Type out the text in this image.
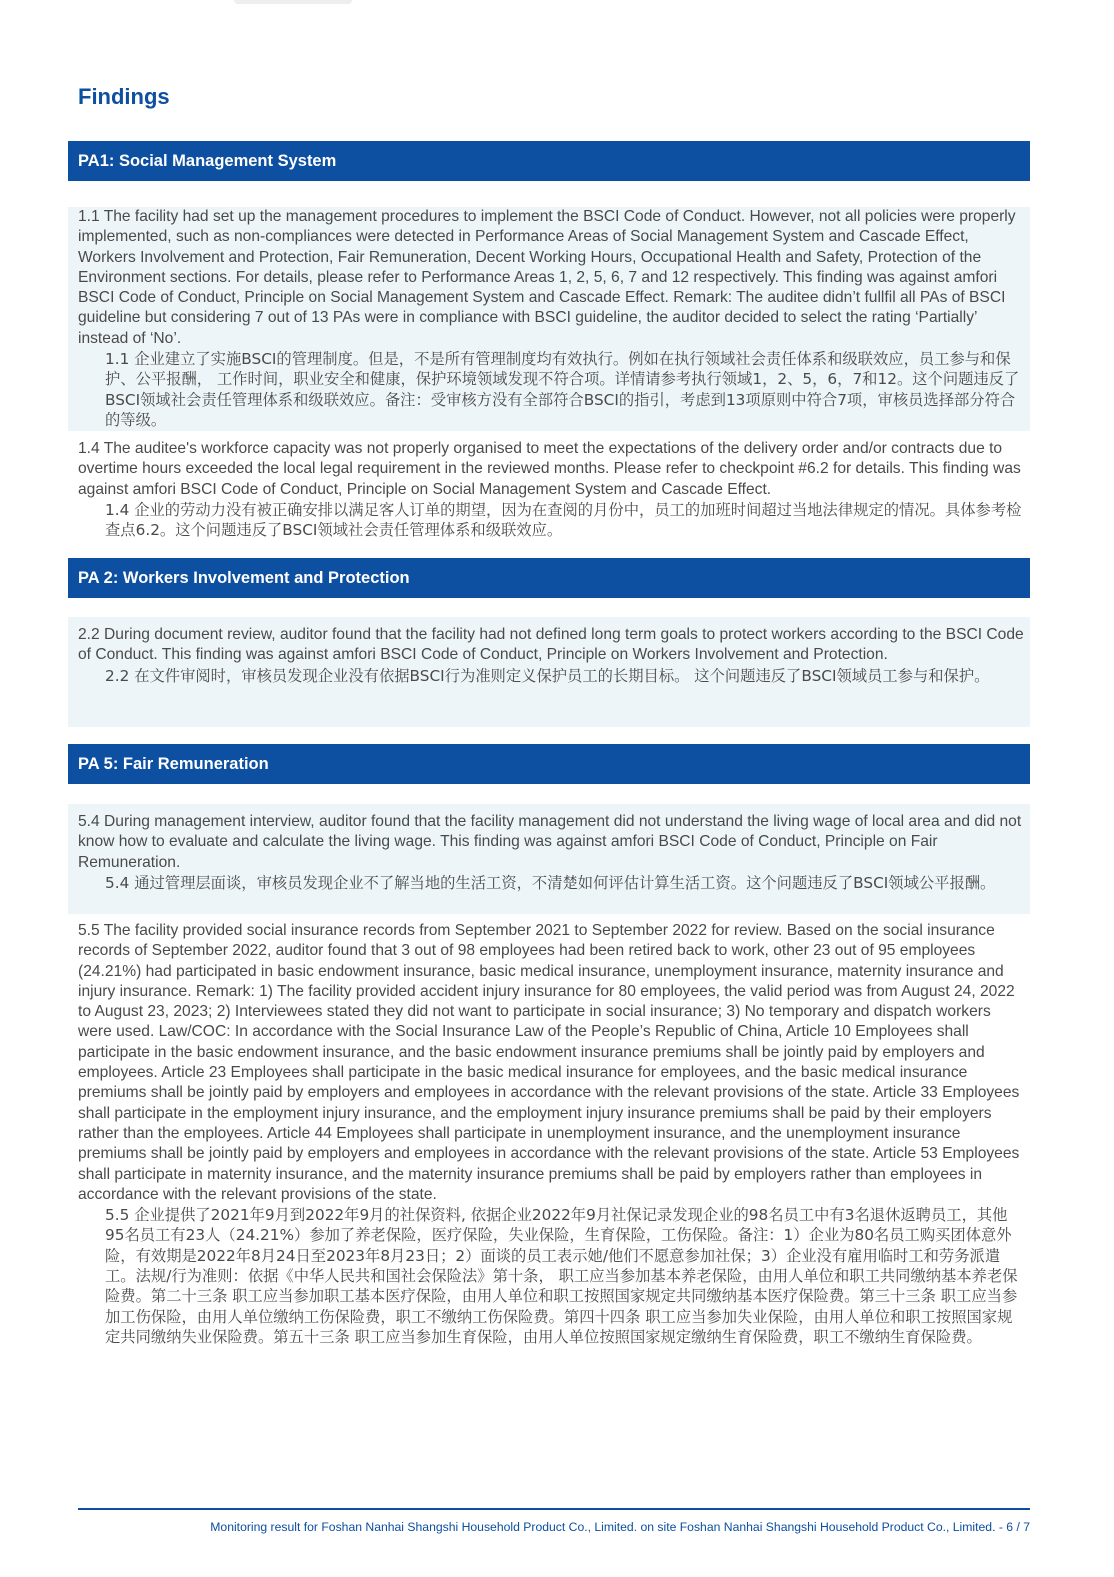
Findings
PA1: Social Management System

1.1 The facility had set up the management procedures to implement the BSCI Code of Conduct. However, not all policies were properly implemented, such as non-compliances were detected in Performance Areas of Social Management System and Cascade Effect, Workers Involvement and Protection, Fair Remuneration, Decent Working Hours, Occupational Health and Safety, Protection of the Environment sections. For details, please refer to Performance Areas 1, 2, 5, 6, 7 and 12 respectively. This finding was against amfori BSCI Code of Conduct, Principle on Social Management System and Cascade Effect. Remark: The auditee didn’t fullfil all PAs of BSCI guideline but considering 7 out of 13 PAs were in compliance with BSCI guideline, the auditor decided to select the rating ‘Partially’ instead of ‘No’.

1.1 企业建立了实施BSCI的管理制度。但是，不是所有管理制度均有效执行。例如在执行领域社会责任体系和级联效应，员工参与和保护、公平报酬， 工作时间，职业安全和健康，保护环境领域发现不符合项。详情请参考执行领域1，2、5，6，7和12。这个问题违反了BSCI领域社会责任管理体系和级联效应。备注：受审核方没有全部符合BSCI的指引，考虑到13项原则中符合7项，审核员选择部分符合的等级。

1.4 The auditee's workforce capacity was not properly organised to meet the expectations of the delivery order and/or contracts due to overtime hours exceeded the local legal requirement in the reviewed months. Please refer to checkpoint #6.2 for details. This finding was against amfori BSCI Code of Conduct, Principle on Social Management System and Cascade Effect.

1.4 企业的劳动力没有被正确安排以满足客人订单的期望，因为在查阅的月份中，员工的加班时间超过当地法律规定的情况。具体参考检查点6.2。这个问题违反了BSCI领域社会责任管理体系和级联效应。

PA 2: Workers Involvement and Protection

2.2 During document review, auditor found that the facility had not defined long term goals to protect workers according to the BSCI Code of Conduct. This finding was against amfori BSCI Code of Conduct, Principle on Workers Involvement and Protection.

2.2 在文件审阅时，审核员发现企业没有依据BSCI行为准则定义保护员工的长期目标。 这个问题违反了BSCI领域员工参与和保护。

PA 5: Fair Remuneration

5.4 During management interview, auditor found that the facility management did not understand the living wage of local area and did not know how to evaluate and calculate the living wage. This finding was against amfori BSCI Code of Conduct, Principle on Fair Remuneration.

5.4 通过管理层面谈，审核员发现企业不了解当地的生活工资，不清楚如何评估计算生活工资。这个问题违反了BSCI领域公平报酬。

5.5 The facility provided social insurance records from September 2021 to September 2022 for review. Based on the social insurance records of September 2022, auditor found that 3 out of 98 employees had been retired back to work, other 23 out of 95 employees (24.21%) had participated in basic endowment insurance, basic medical insurance, unemployment insurance, maternity insurance and injury insurance. Remark: 1) The facility provided accident injury insurance for 80 employees, the valid period was from August 24, 2022 to August 23, 2023; 2) Interviewees stated they did not want to participate in social insurance; 3) No temporary and dispatch workers were used. Law/COC: In accordance with the Social Insurance Law of the People’s Republic of China, Article 10 Employees shall participate in the basic endowment insurance, and the basic endowment insurance premiums shall be jointly paid by employers and employees. Article 23 Employees shall participate in the basic medical insurance for employees, and the basic medical insurance premiums shall be jointly paid by employers and employees in accordance with the relevant provisions of the state. Article 33 Employees shall participate in the employment injury insurance, and the employment injury insurance premiums shall be paid by their employers rather than the employees. Article 44 Employees shall participate in unemployment insurance, and the unemployment insurance premiums shall be jointly paid by employers and employees in accordance with the relevant provisions of the state. Article 53 Employees shall participate in maternity insurance, and the maternity insurance premiums shall be paid by employers rather than employees in accordance with the relevant provisions of the state.

5.5 企业提供了2021年9月到2022年9月的社保资料, 依据企业2022年9月社保记录发现企业的98名员工中有3名退休返聘员工，其他95名员工有23人（24.21%）参加了养老保险，医疗保险，失业保险，生育保险，工伤保险。备注：1）企业为80名员工购买团体意外险，有效期是2022年8月24日至2023年8月23日；2）面谈的员工表示她/他们不愿意参加社保；3）企业没有雇用临时工和劳务派遣工。法规/行为准则：依据《中华人民共和国社会保险法》第十条， 职工应当参加基本养老保险，由用人单位和职工共同缴纳基本养老保险费。第二十三条 职工应当参加职工基本医疗保险，由用人单位和职工按照国家规定共同缴纳基本医疗保险费。第三十三条 职工应当参加工伤保险，由用人单位缴纳工伤保险费，职工不缴纳工伤保险费。第四十四条 职工应当参加失业保险，由用人单位和职工按照国家规定共同缴纳失业保险费。第五十三条 职工应当参加生育保险，由用人单位按照国家规定缴纳生育保险费，职工不缴纳生育保险费。

Monitoring result for Foshan Nanhai Shangshi Household Product Co., Limited. on site Foshan Nanhai Shangshi Household Product Co., Limited. - 6 / 7
